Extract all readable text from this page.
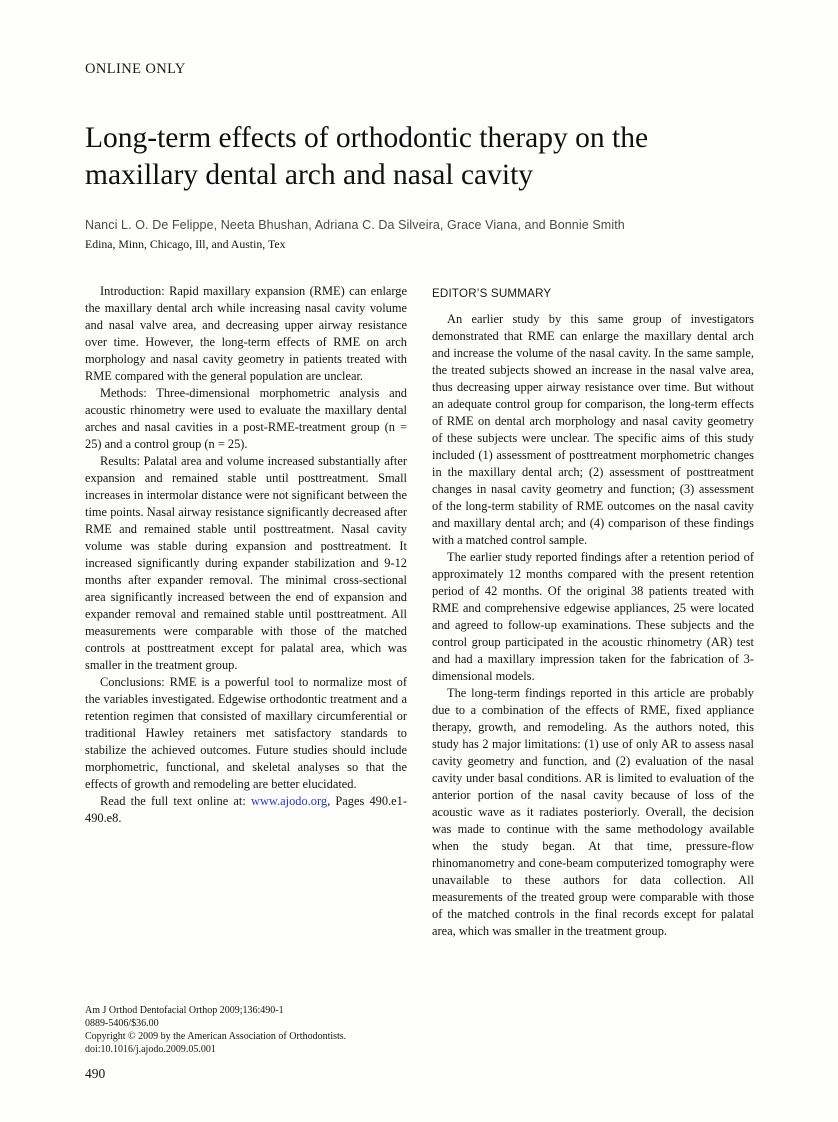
ONLINE ONLY
Long-term effects of orthodontic therapy on the maxillary dental arch and nasal cavity
Nanci L. O. De Felippe, Neeta Bhushan, Adriana C. Da Silveira, Grace Viana, and Bonnie Smith
Edina, Minn, Chicago, Ill, and Austin, Tex

Introduction: Rapid maxillary expansion (RME) can enlarge the maxillary dental arch while increasing nasal cavity volume and nasal valve area, and decreasing upper airway resistance over time. However, the long-term effects of RME on arch morphology and nasal cavity geometry in patients treated with RME compared with the general population are unclear.

Methods: Three-dimensional morphometric analysis and acoustic rhinometry were used to evaluate the maxillary dental arches and nasal cavities in a post-RME-treatment group (n = 25) and a control group (n = 25).

Results: Palatal area and volume increased substantially after expansion and remained stable until posttreatment. Small increases in intermolar distance were not significant between the time points. Nasal airway resistance significantly decreased after RME and remained stable until posttreatment. Nasal cavity volume was stable during expansion and posttreatment. It increased significantly during expander stabilization and 9-12 months after expander removal. The minimal cross-sectional area significantly increased between the end of expansion and expander removal and remained stable until posttreatment. All measurements were comparable with those of the matched controls at posttreatment except for palatal area, which was smaller in the treatment group.

Conclusions: RME is a powerful tool to normalize most of the variables investigated. Edgewise orthodontic treatment and a retention regimen that consisted of maxillary circumferential or traditional Hawley retainers met satisfactory standards to stabilize the achieved outcomes. Future studies should include morphometric, functional, and skeletal analyses so that the effects of growth and remodeling are better elucidated.

Read the full text online at: www.ajodo.org, Pages 490.e1-490.e8.

EDITOR’S SUMMARY

An earlier study by this same group of investigators demonstrated that RME can enlarge the maxillary dental arch and increase the volume of the nasal cavity. In the same sample, the treated subjects showed an increase in the nasal valve area, thus decreasing upper airway resistance over time. But without an adequate control group for comparison, the long-term effects of RME on dental arch morphology and nasal cavity geometry of these subjects were unclear. The specific aims of this study included (1) assessment of posttreatment morphometric changes in the maxillary dental arch; (2) assessment of posttreatment changes in nasal cavity geometry and function; (3) assessment of the long-term stability of RME outcomes on the nasal cavity and maxillary dental arch; and (4) comparison of these findings with a matched control sample.

The earlier study reported findings after a retention period of approximately 12 months compared with the present retention period of 42 months. Of the original 38 patients treated with RME and comprehensive edgewise appliances, 25 were located and agreed to follow-up examinations. These subjects and the control group participated in the acoustic rhinometry (AR) test and had a maxillary impression taken for the fabrication of 3-dimensional models.

The long-term findings reported in this article are probably due to a combination of the effects of RME, fixed appliance therapy, growth, and remodeling. As the authors noted, this study has 2 major limitations: (1) use of only AR to assess nasal cavity geometry and function, and (2) evaluation of the nasal cavity under basal conditions. AR is limited to evaluation of the anterior portion of the nasal cavity because of loss of the acoustic wave as it radiates posteriorly. Overall, the decision was made to continue with the same methodology available when the study began. At that time, pressure-flow rhinomanometry and cone-beam computerized tomography were unavailable to these authors for data collection. All measurements of the treated group were comparable with those of the matched controls in the final records except for palatal area, which was smaller in the treatment group.

Am J Orthod Dentofacial Orthop 2009;136:490-1
0889-5406/$36.00
Copyright © 2009 by the American Association of Orthodontists.
doi:10.1016/j.ajodo.2009.05.001
490
